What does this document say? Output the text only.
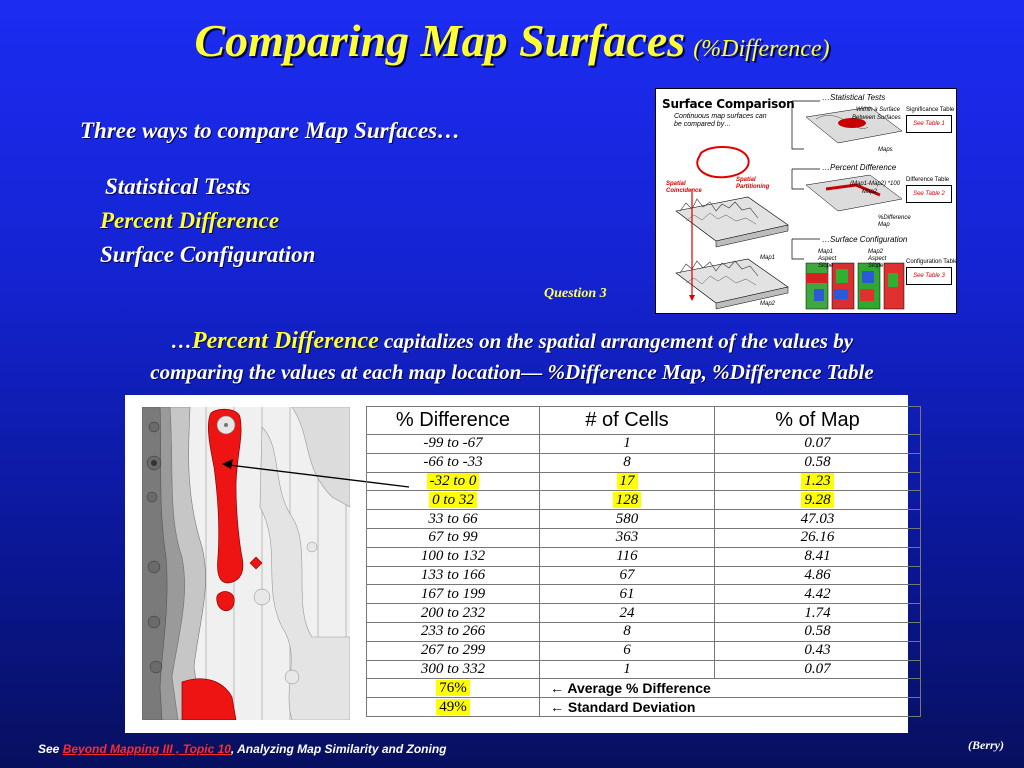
Comparing Map Surfaces (%Difference)
Three ways to compare Map Surfaces…
Statistical Tests
Percent Difference
Surface Configuration
Question 3
Surface Comparison
Continuous map surfaces can be compared by…
…Statistical Tests
…Percent Difference
…Surface Configuration
Within a Surface
Between Surfaces
Maps
Spatial Coincidence
Spatial Partitioning	(Map1-Map2) *100
Map2
%Difference Map
Map1
Map2
Map1 Aspect Slope
Map2 Aspect Slope
Significance Table
See Table 1
Difference Table
See Table 2
Configuration Table
See Table 3
…Percent Difference capitalizes on the spatial arrangement of the values by
comparing the values at each map location— %Difference Map, %Difference Table
% Difference	# of Cells	% of Map
-99 to -67	1	0.07
-66 to -33	8	0.58
-32 to 0	17	1.23
0 to 32	128	9.28
33 to 66	580	47.03
67 to 99	363	26.16
100 to 132	116	8.41
133 to 166	67	4.86
167 to 199	61	4.42
200 to 232	24	1.74
233 to 266	8	0.58
267 to 299	6	0.43
300 to 332	1	0.07
76%	← Average % Difference	
49%	← Standard Deviation	
See Beyond Mapping III , Topic 10, Analyzing Map Similarity and Zoning	(Berry)
